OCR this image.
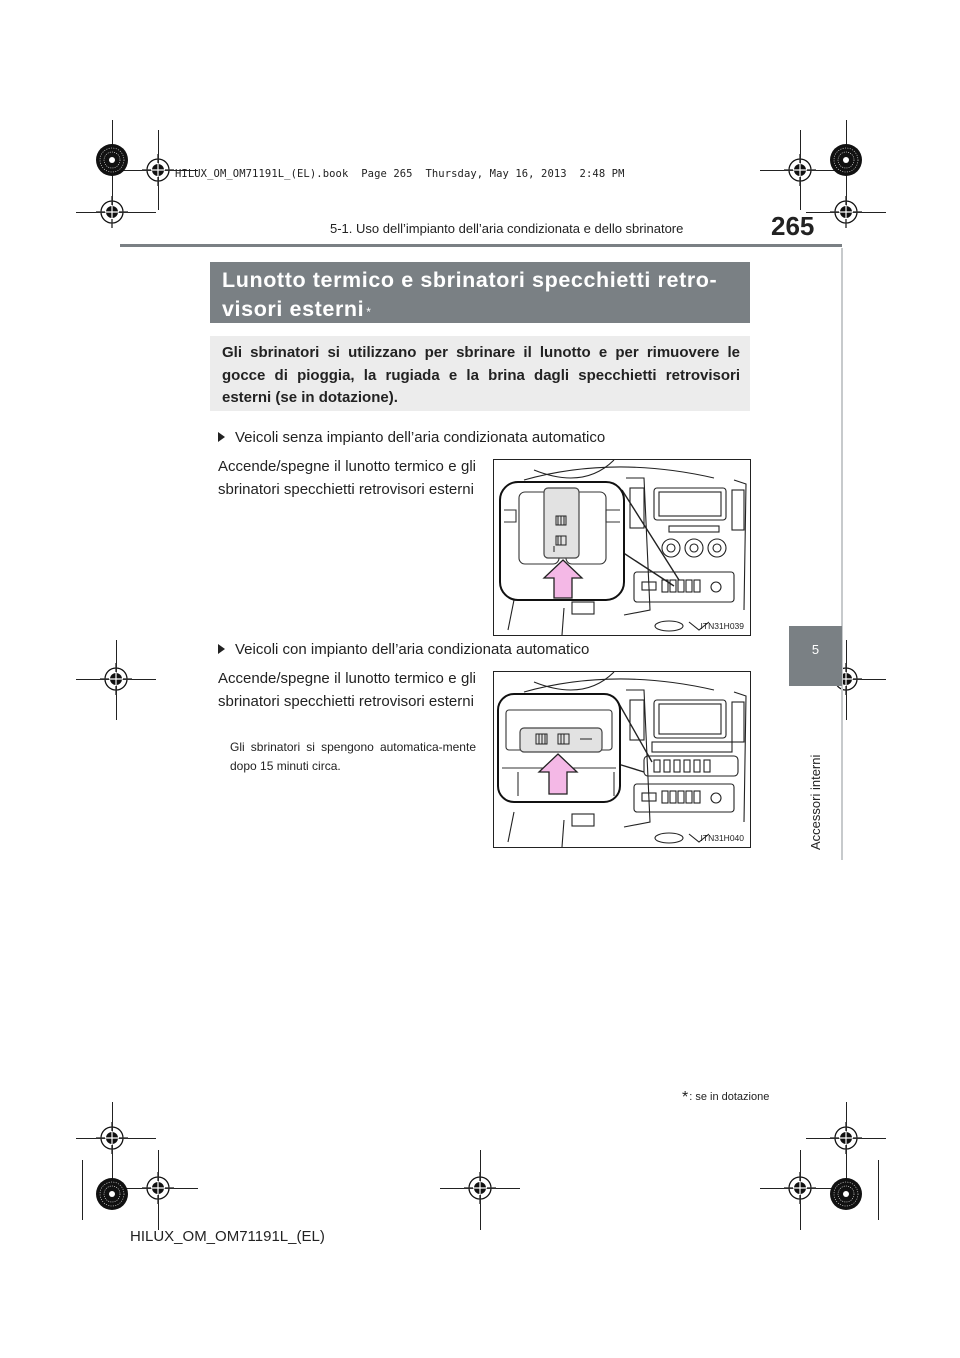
HILUX_OM_OM71191L_(EL).book  Page 265  Thursday, May 16, 2013  2:48 PM
5-1. Uso dell’impianto dell’aria condizionata e dello sbrinatore	265
5
Accessori interni
Lunotto termico e sbrinatori specchietti retro-
visori esterni *
Gli sbrinatori si utilizzano per sbrinare il lunotto e per rimuovere le gocce di pioggia, la rugiada e la brina dagli specchietti retrovisori esterni (se in dotazione).
Veicoli senza impianto dell’aria condizionata automatico
Accende/spegne il lunotto termico e gli sbrinatori specchietti retrovisori esterni
ITN31H039
Veicoli con impianto dell’aria condizionata automatico
Accende/spegne il lunotto termico e gli sbrinatori specchietti retrovisori esterni
Gli sbrinatori si spengono automatica-mente dopo 15 minuti circa.
ITN31H040
*: se in dotazione
HILUX_OM_OM71191L_(EL)
